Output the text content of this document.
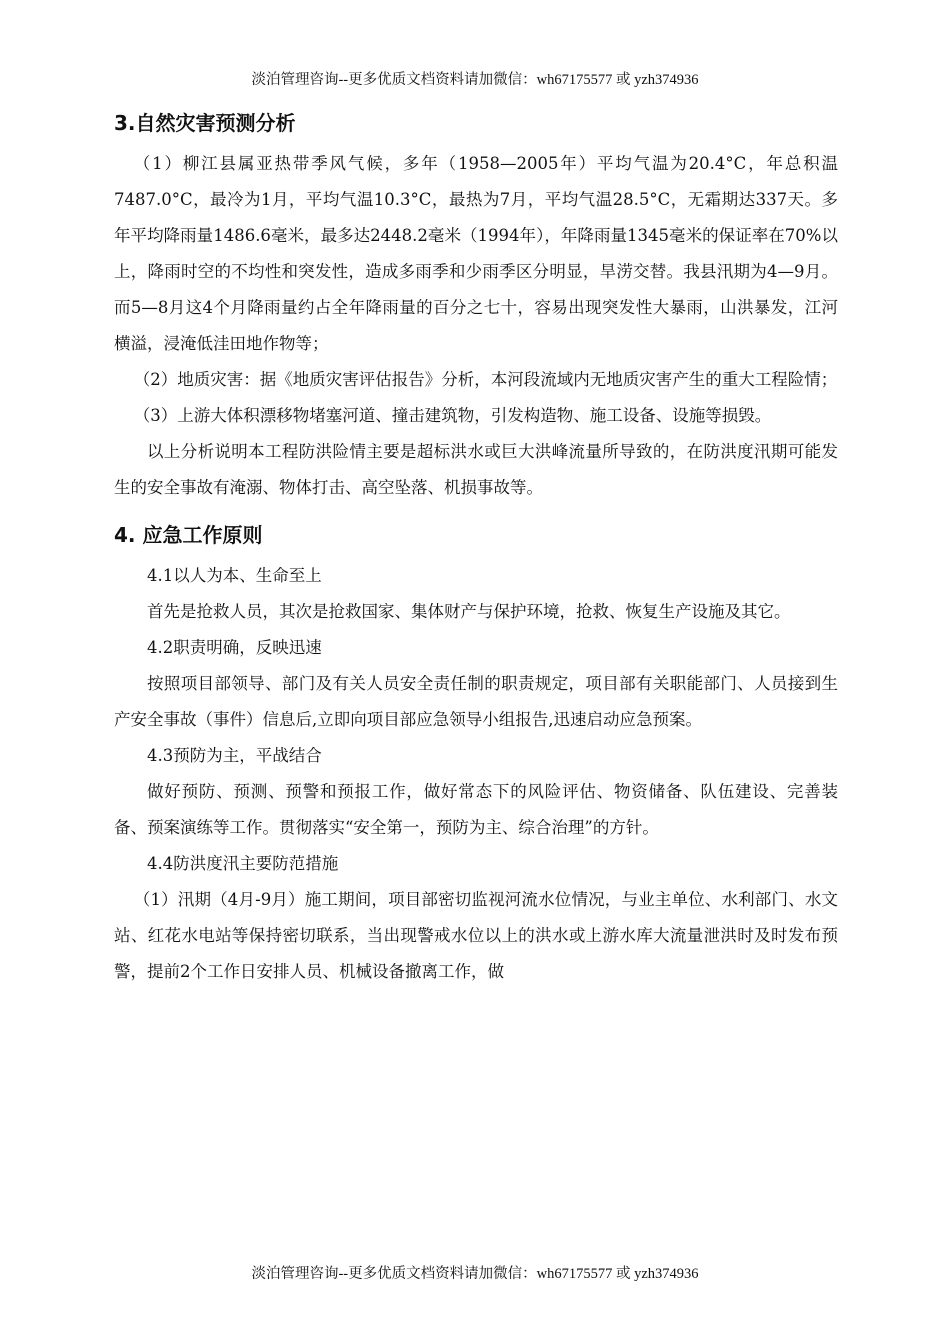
淡泊管理咨询--更多优质文档资料请加微信：wh67175577 或 yzh374936
3.自然灾害预测分析

（1）柳江县属亚热带季风气候，多年（1958—2005年）平均气温为20.4°C，年总积温7487.0°C，最冷为1月，平均气温10.3°C，最热为7月，平均气温28.5°C，无霜期达337天。多年平均降雨量1486.6毫米，最多达2448.2毫米（1994年），年降雨量1345毫米的保证率在70%以上，降雨时空的不均性和突发性，造成多雨季和少雨季区分明显，旱涝交替。我县汛期为4—9月。而5—8月这4个月降雨量约占全年降雨量的百分之七十，容易出现突发性大暴雨，山洪暴发，江河横溢，浸淹低洼田地作物等；

（2）地质灾害：据《地质灾害评估报告》分析，本河段流域内无地质灾害产生的重大工程险情；

（3）上游大体积漂移物堵塞河道、撞击建筑物，引发构造物、施工设备、设施等损毁。

以上分析说明本工程防洪险情主要是超标洪水或巨大洪峰流量所导致的，在防洪度汛期可能发生的安全事故有淹溺、物体打击、高空坠落、机损事故等。

4. 应急工作原则

4.1以人为本、生命至上

首先是抢救人员，其次是抢救国家、集体财产与保护环境，抢救、恢复生产设施及其它。

4.2职责明确，反映迅速

按照项目部领导、部门及有关人员安全责任制的职责规定，项目部有关职能部门、人员接到生产安全事故（事件）信息后,立即向项目部应急领导小组报告,迅速启动应急预案。

4.3预防为主，平战结合

做好预防、预测、预警和预报工作，做好常态下的风险评估、物资储备、队伍建设、完善装备、预案演练等工作。贯彻落实“安全第一，预防为主、综合治理”的方针。

4.4防洪度汛主要防范措施

（1）汛期（4月-9月）施工期间，项目部密切监视河流水位情况，与业主单位、水利部门、水文站、红花水电站等保持密切联系，当出现警戒水位以上的洪水或上游水库大流量泄洪时及时发布预警，提前2个工作日安排人员、机械设备撤离工作，做

淡泊管理咨询--更多优质文档资料请加微信：wh67175577 或 yzh374936
